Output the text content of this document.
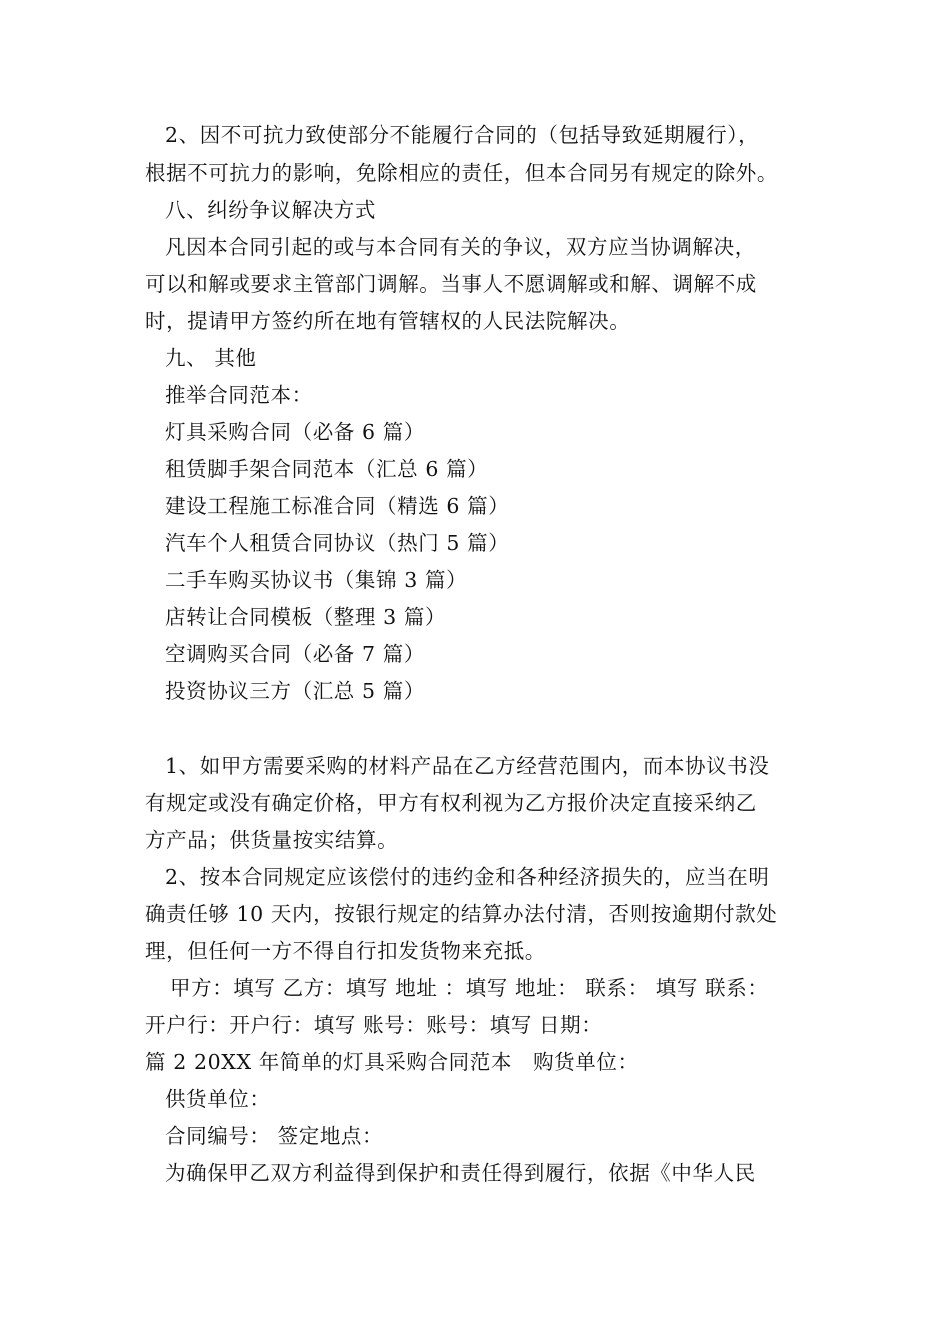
2、因不可抗力致使部分不能履行合同的（包括导致延期履行），
根据不可抗力的影响，免除相应的责任，但本合同另有规定的除外。
八、纠纷争议解决方式
凡因本合同引起的或与本合同有关的争议，双方应当协调解决，
可以和解或要求主管部门调解。当事人不愿调解或和解、调解不成
时，提请甲方签约所在地有管辖权的人民法院解决。
九、 其他
推举合同范本：
灯具采购合同（必备 6 篇）
租赁脚手架合同范本（汇总 6 篇）
建设工程施工标准合同（精选 6 篇）
汽车个人租赁合同协议（热门 5 篇）
二手车购买协议书（集锦 3 篇）
店转让合同模板（整理 3 篇）
空调购买合同（必备 7 篇）
投资协议三方（汇总 5 篇）
1、如甲方需要采购的材料产品在乙方经营范围内，而本协议书没
有规定或没有确定价格，甲方有权利视为乙方报价决定直接采纳乙
方产品；供货量按实结算。
2、按本合同规定应该偿付的违约金和各种经济损失的，应当在明
确责任够 10 天内，按银行规定的结算办法付清，否则按逾期付款处
理，但任何一方不得自行扣发货物来充抵。
甲方：填写 乙方：填写 地址 ：填写 地址： 联系： 填写 联系：
开户行：开户行：填写 账号：账号：填写 日期：
篇 2 20XX 年简单的灯具采购合同范本　购货单位：
供货单位：
合同编号： 签定地点：
为确保甲乙双方利益得到保护和责任得到履行，依据《中华人民
